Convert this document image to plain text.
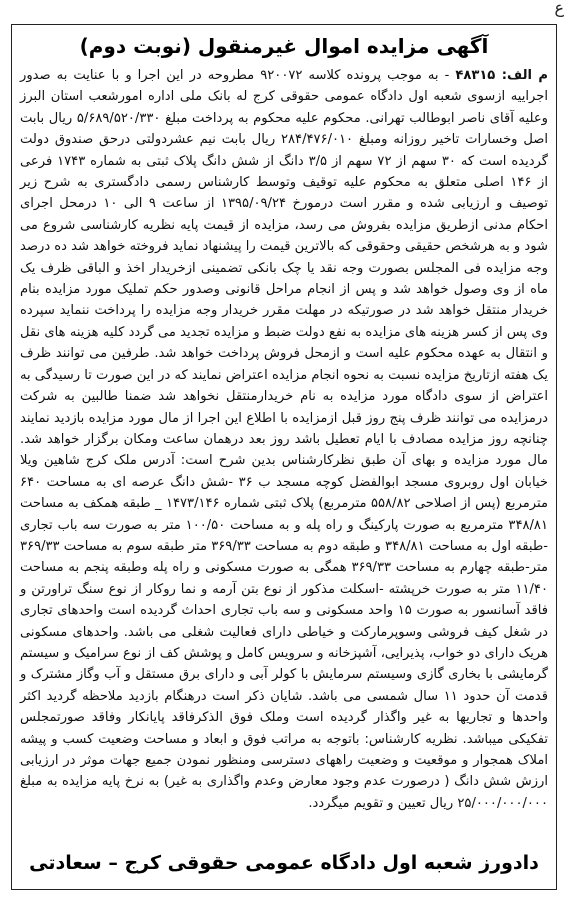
ع
آگهی مزایده اموال غیرمنقول (نوبت دوم)

م الف: ۴۸۳۱۵ - به موجب پرونده کلاسه ۹۲۰۰۷۲ مطروحه در این اجرا و با عنایت به صدور اجراییه ازسوی شعبه اول دادگاه عمومی حقوقی کرج له بانک ملی اداره امورشعب استان البرز وعلیه آقای ناصر ابوطالب تهرانی. محکوم علیه محکوم به پرداخت مبلغ ۵/۶۸۹/۵۲۰/۳۳۰ ریال بابت اصل وخسارات تاخیر روزانه ومبلغ ۲۸۴/۴۷۶/۰۱۰ ریال بابت نیم عشردولتی درحق صندوق دولت گردیده است که ۳۰ سهم از ۷۲ سهم از ۳/۵ دانگ از شش دانگ پلاک ثبتی به شماره ۱۷۴۳ فرعی از ۱۴۶ اصلی متعلق به محکوم علیه توقیف وتوسط کارشناس رسمی دادگستری به شرح زیر توصیف و ارزیابی شده و مقرر است درمورخ ۱۳۹۵/۰۹/۲۴ از ساعت ۹ الی ۱۰ درمحل اجرای احکام مدنی ازطریق مزایده بفروش می رسد، مزایده از قیمت پایه نظریه کارشناسی شروع می شود و به هرشخص حقیقی وحقوقی که بالاترین قیمت را پیشنهاد نماید فروخته خواهد شد ده درصد وجه مزایده فی المجلس بصورت وجه نقد یا چک بانکی تضمینی ازخریدار اخذ و الباقی ظرف یک ماه از وی وصول خواهد شد و پس از انجام مراحل قانونی وصدور حکم تملیک مورد مزایده بنام خریدار منتقل خواهد شد در صورتیکه در مهلت مقرر خریدار وجه مزایده را پرداخت ننماید سپرده وی پس از کسر هزینه های مزایده به نفع دولت ضبط و مزایده تجدید می گردد کلیه هزینه های نقل و انتقال به عهده محکوم علیه است و ازمحل فروش پرداخت خواهد شد. طرفین می توانند ظرف یک هفته ازتاریخ مزایده نسبت به نحوه انجام مزایده اعتراض نمایند که در این صورت تا رسیدگی به اعتراض از سوی دادگاه مورد مزایده به نام خریدارمنتقل نخواهد شد ضمنا طالبین به شرکت درمزایده می توانند ظرف پنج روز قبل ازمزایده با اطلاع این اجرا از مال مورد مزایده بازدید نمایند چنانچه روز مزایده مصادف با ایام تعطیل باشد روز بعد درهمان ساعت ومکان برگزار خواهد شد. مال مورد مزایده و بهای آن طبق نظرکارشناس بدین شرح است: آدرس ملک کرج شاهین ویلا خیابان اول روبروی مسجد ابوالفضل کوچه مسجد ب ۳۶ -شش دانگ عرصه ای به مساحت ۶۴۰ مترمربع (پس از اصلاحی ۵۵۸/۸۲ مترمربع) پلاک ثبتی شماره ۱۴۷۳/۱۴۶ _ طبقه همکف به مساحت ۳۴۸/۸۱ مترمربع به صورت پارکینگ و راه پله و به مساحت ۱۰۰/۵۰ متر به صورت سه باب تجاری -طبقه اول به مساحت ۳۴۸/۸۱ و طبقه دوم به مساحت ۳۶۹/۳۳ متر طبقه سوم به مساحت ۳۶۹/۳۳ متر-طبقه چهارم به مساحت ۳۶۹/۳۳ همگی به صورت مسکونی و راه پله وطبقه پنجم به مساحت ۱۱/۴۰ متر به صورت خرپشته -اسکلت مذکور از نوع بتن آرمه و نما روکار از نوع سنگ تراورتن و فاقد آسانسور به صورت ۱۵ واحد مسکونی و سه باب تجاری احداث گردیده است واحدهای تجاری در شغل کیف فروشی وسوپرمارکت و خیاطی دارای فعالیت شغلی می باشد. واحدهای مسکونی هریک دارای دو خواب، پذیرایی، آشپزخانه و سرویس کامل و پوشش کف از نوع سرامیک و سیستم گرمایشی با بخاری گازی وسیستم سرمایش با کولر آبی و دارای برق مستقل و آب وگاز مشترک و قدمت آن حدود ۱۱ سال شمسی می باشد. شایان ذکر است درهنگام بازدید ملاحظه گردید اکثر واحدها و تجاریها به غیر واگذار گردیده است وملک فوق الذکرفاقد پایانکار وفاقد صورتمجلس تفکیکی میباشد. نظریه کارشناس: باتوجه به مراتب فوق و ابعاد و مساحت وضعیت کسب و پیشه املاک همجوار و موقعیت و وضعیت راههای دسترسی ومنظور نمودن جمیع جهات موثر در ارزیابی ارزش شش دانگ ( درصورت عدم وجود معارض وعدم واگذاری به غیر) به نرخ پایه مزایده به مبلغ ۲۵/۰۰۰/۰۰۰/۰۰۰ ریال تعیین و تقویم میگردد.

دادورز شعبه اول دادگاه عمومی حقوقی کرج – سعادتی
